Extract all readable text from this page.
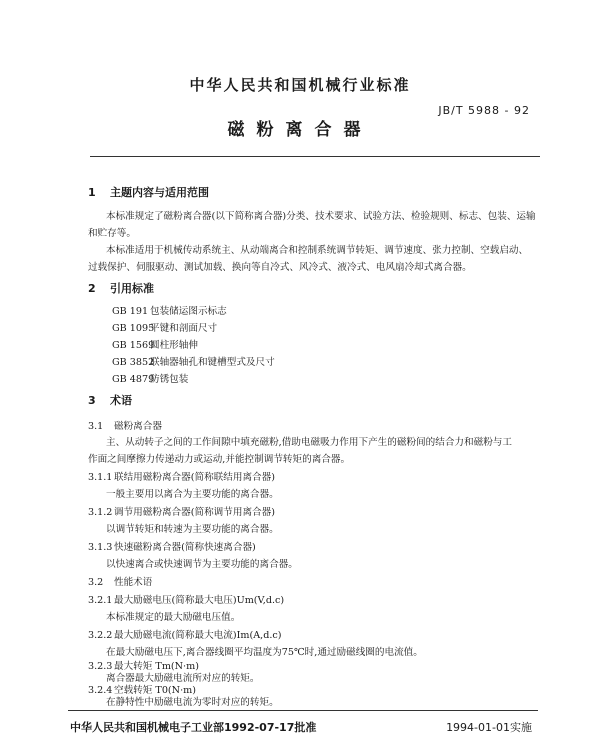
中华人民共和国机械行业标准
JB/T 5988 - 92
磁粉离合器
1 主题内容与适用范围
本标准规定了磁粉离合器(以下简称离合器)分类、技术要求、试验方法、检验规则、标志、包装、运输
和贮存等。
本标准适用于机械传动系统主、从动端离合和控制系统调节转矩、调节速度、张力控制、空载启动、
过载保护、伺服驱动、测试加载、换向等自冷式、风冷式、液冷式、电风扇冷却式离合器。
2 引用标准
GB 191 包装储运图示标志
GB 1095平键和剖面尺寸
GB 1569圆柱形轴伸
GB 3852联轴器轴孔和键槽型式及尺寸
GB 4879防锈包装
3 术语
3.1 磁粉离合器
主、从动转子之间的工作间隙中填充磁粉,借助电磁吸力作用下产生的磁粉间的结合力和磁粉与工
作面之间摩擦力传递动力或运动,并能控制调节转矩的离合器。
3.1.1 联结用磁粉离合器(简称联结用离合器)
一般主要用以离合为主要功能的离合器。
3.1.2 调节用磁粉离合器(简称调节用离合器)
以调节转矩和转速为主要功能的离合器。
3.1.3 快速磁粉离合器(简称快速离合器)
以快速离合或快速调节为主要功能的离合器。
3.2 性能术语
3.2.1 最大励磁电压(简称最大电压)Um(V,d.c)
本标准规定的最大励磁电压值。
3.2.2 最大励磁电流(简称最大电流)Im(A,d.c)
在最大励磁电压下,离合器线圈平均温度为75℃时,通过励磁线圈的电流值。
3.2.3 最大转矩 Tm(N·m)
离合器最大励磁电流所对应的转矩。
3.2.4 空载转矩 T0(N·m)
在静特性中励磁电流为零时对应的转矩。
中华人民共和国机械电子工业部1992-07-17批准	1994-01-01实施
